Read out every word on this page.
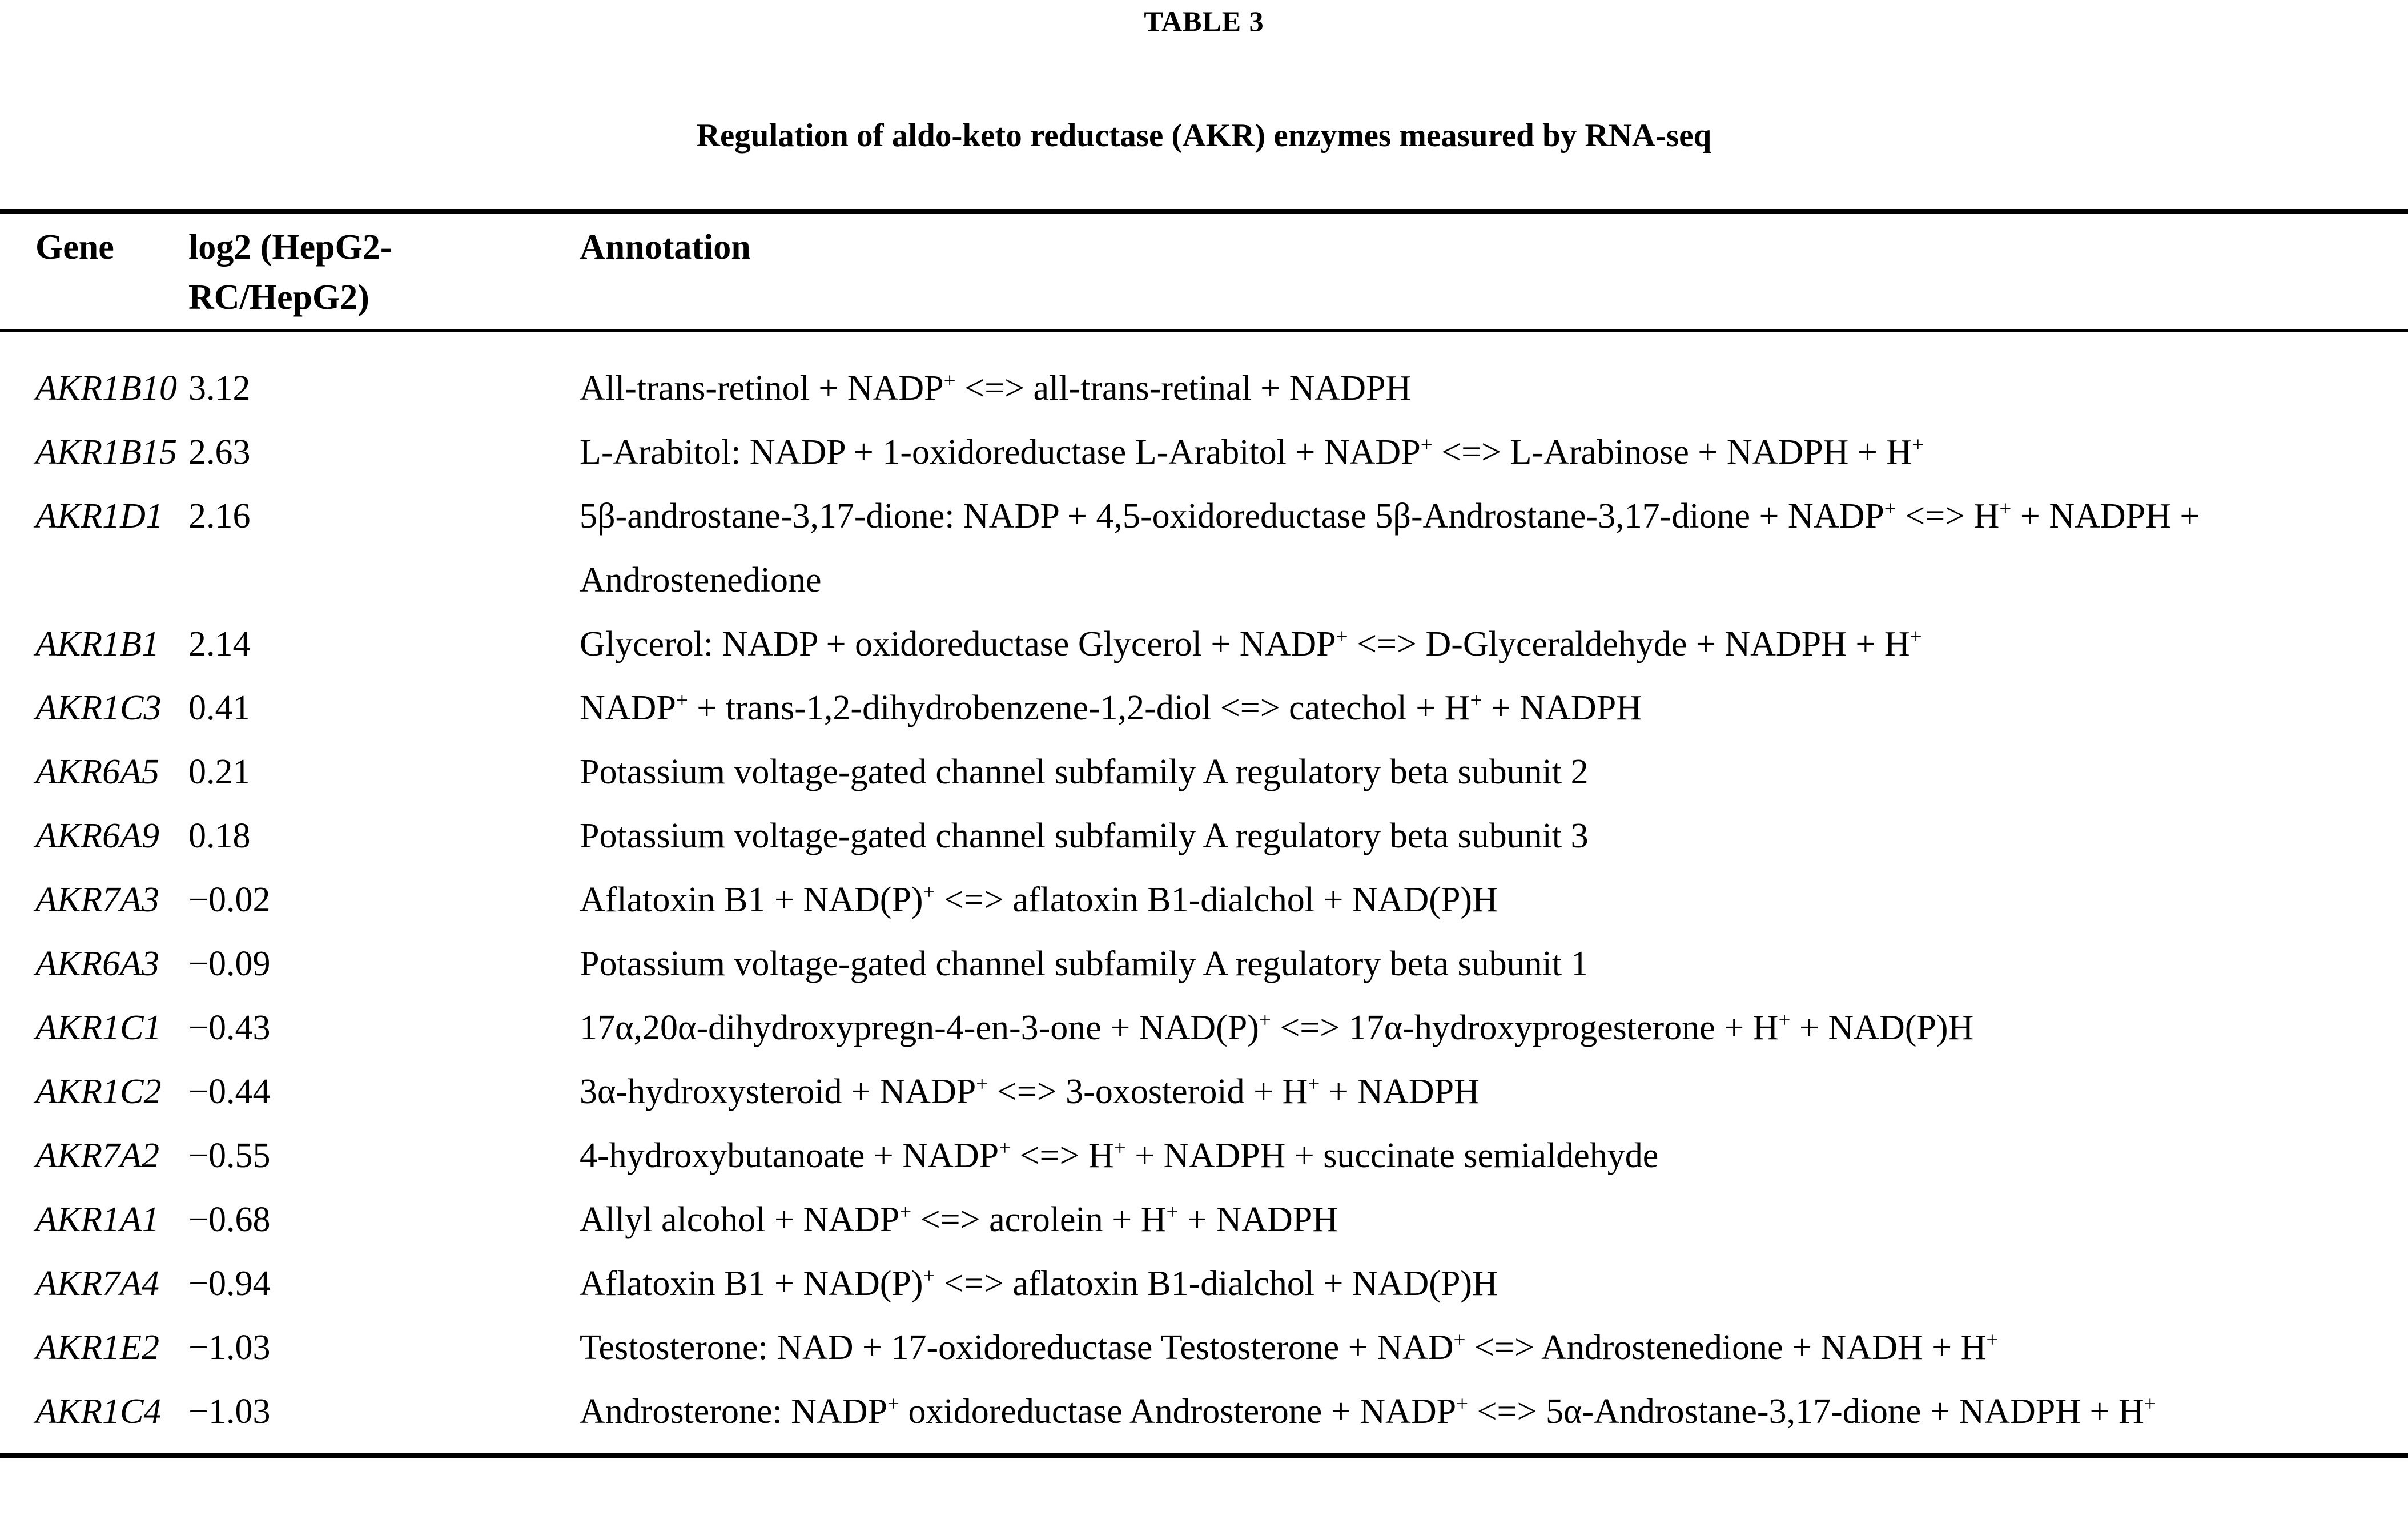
TABLE 3
Regulation of aldo-keto reductase (AKR) enzymes measured by RNA-seq
Gene	log2 (HepG2-RC/HepG2)	Annotation

AKR1B10	3.12	All-trans-retinol + NADP+ <=> all-trans-retinal + NADPH
AKR1B15	2.63	L-Arabitol: NADP + 1-oxidoreductase L-Arabitol + NADP+ <=> L-Arabinose + NADPH + H+
AKR1D1	2.16	5β-androstane-3,17-dione: NADP + 4,5-oxidoreductase 5β-Androstane-3,17-dione + NADP+ <=> H+ + NADPH + Androstenedione
AKR1B1	2.14	Glycerol: NADP + oxidoreductase Glycerol + NADP+ <=> D-Glyceraldehyde + NADPH + H+
AKR1C3	0.41	NADP+ + trans-1,2-dihydrobenzene-1,2-diol <=> catechol + H+ + NADPH
AKR6A5	0.21	Potassium voltage-gated channel subfamily A regulatory beta subunit 2
AKR6A9	0.18	Potassium voltage-gated channel subfamily A regulatory beta subunit 3
AKR7A3	−0.02	Aflatoxin B1 + NAD(P)+ <=> aflatoxin B1-dialchol + NAD(P)H
AKR6A3	−0.09	Potassium voltage-gated channel subfamily A regulatory beta subunit 1
AKR1C1	−0.43	17α,20α-dihydroxypregn-4-en-3-one + NAD(P)+ <=> 17α-hydroxyprogesterone + H+ + NAD(P)H
AKR1C2	−0.44	3α-hydroxysteroid + NADP+ <=> 3-oxosteroid + H+ + NADPH
AKR7A2	−0.55	4-hydroxybutanoate + NADP+ <=> H+ + NADPH + succinate semialdehyde
AKR1A1	−0.68	Allyl alcohol + NADP+ <=> acrolein + H+ + NADPH
AKR7A4	−0.94	Aflatoxin B1 + NAD(P)+ <=> aflatoxin B1-dialchol + NAD(P)H
AKR1E2	−1.03	Testosterone: NAD + 17-oxidoreductase Testosterone + NAD+ <=> Androstenedione + NADH + H+
AKR1C4	−1.03	Androsterone: NADP+ oxidoreductase Androsterone + NADP+ <=> 5α-Androstane-3,17-dione + NADPH + H+
